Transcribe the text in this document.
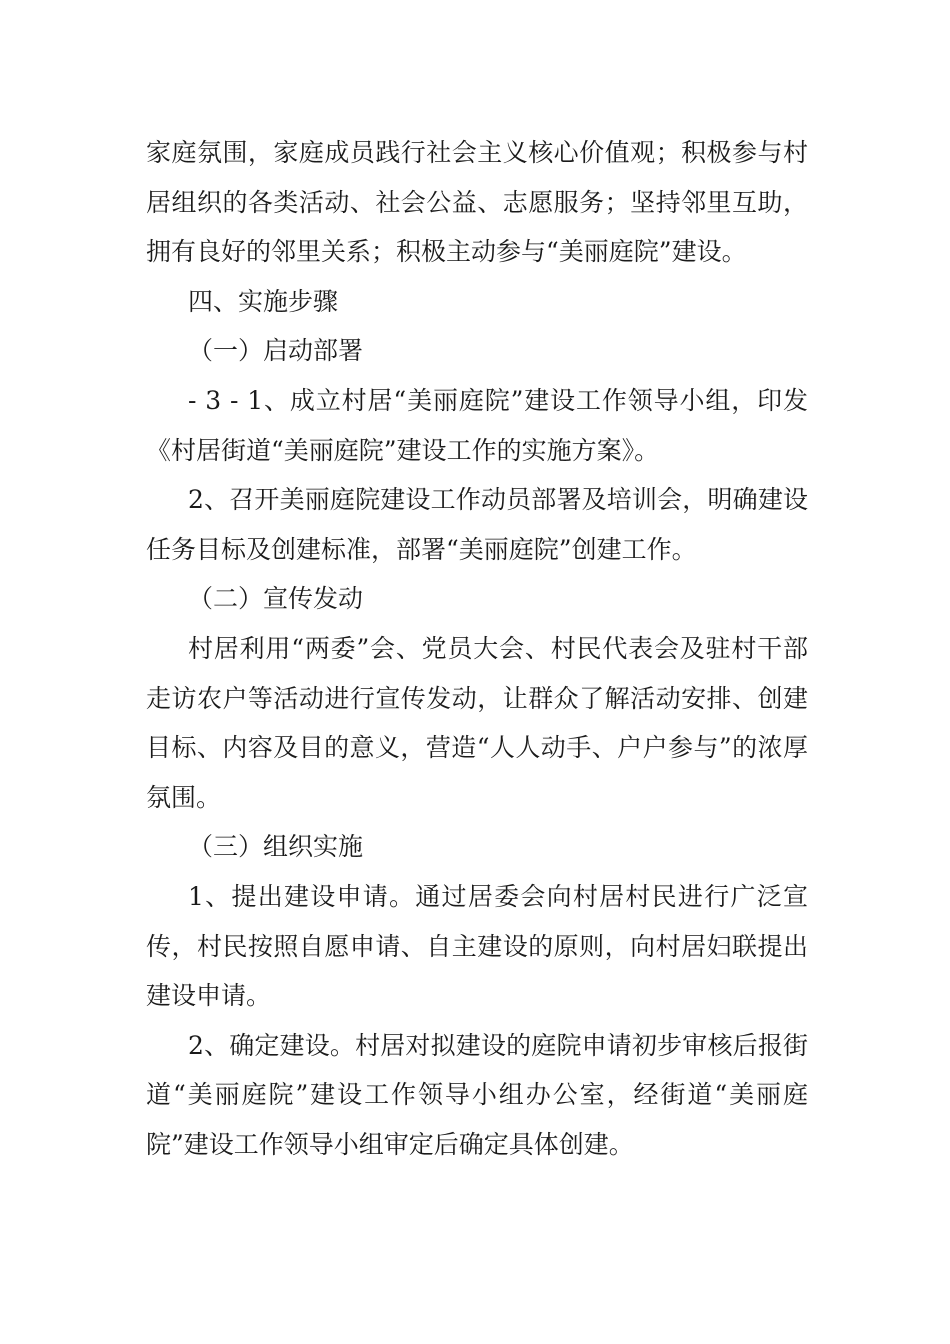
家庭氛围，家庭成员践行社会主义核心价值观；积极参与村居组织的各类活动、社会公益、志愿服务；坚持邻里互助，拥有良好的邻里关系；积极主动参与“美丽庭院”建设。

四、实施步骤

（一）启动部署

- 3 - 1、成立村居“美丽庭院”建设工作领导小组，印发《村居街道“美丽庭院”建设工作的实施方案》。

2、召开美丽庭院建设工作动员部署及培训会，明确建设任务目标及创建标准，部署“美丽庭院”创建工作。

（二）宣传发动

村居利用“两委”会、党员大会、村民代表会及驻村干部走访农户等活动进行宣传发动，让群众了解活动安排、创建目标、内容及目的意义，营造“人人动手、户户参与”的浓厚氛围。

（三）组织实施

1、提出建设申请。通过居委会向村居村民进行广泛宣传，村民按照自愿申请、自主建设的原则，向村居妇联提出建设申请。

2、确定建设。村居对拟建设的庭院申请初步审核后报街道“美丽庭院”建设工作领导小组办公室，经街道“美丽庭院”建设工作领导小组审定后确定具体创建。
